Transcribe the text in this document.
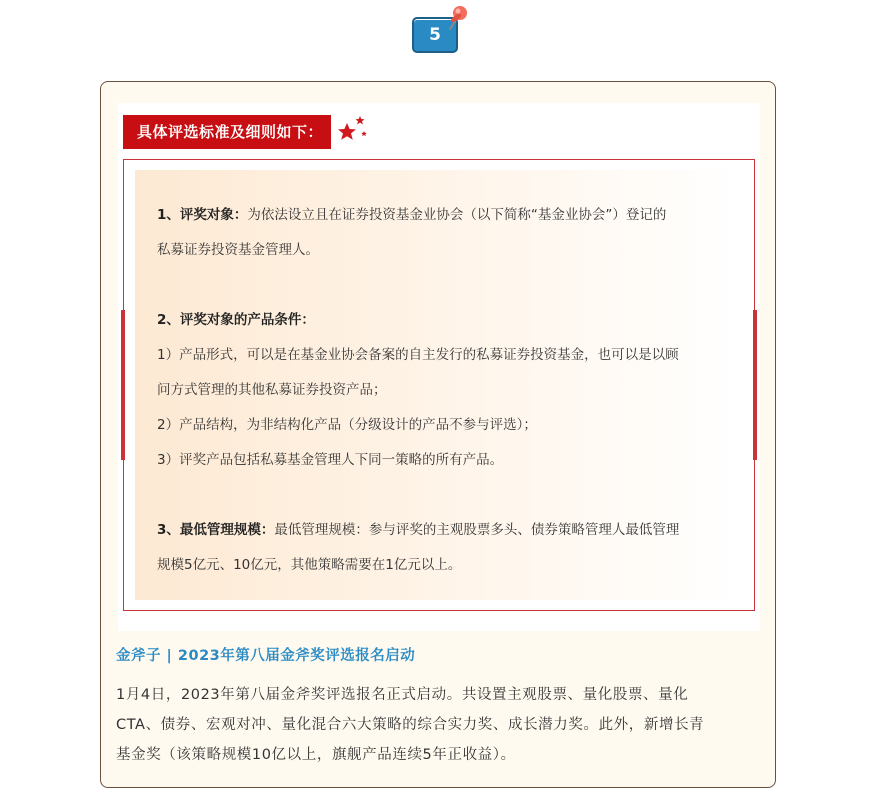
5
具体评选标准及细则如下：
1、评奖对象：为依法设立且在证券投资基金业协会（以下简称“基金业协会”）登记的
私募证券投资基金管理人。
2、评奖对象的产品条件：
1）产品形式，可以是在基金业协会备案的自主发行的私募证券投资基金，也可以是以顾
问方式管理的其他私募证券投资产品；
2）产品结构，为非结构化产品（分级设计的产品不参与评选）；
3）评奖产品包括私募基金管理人下同一策略的所有产品。
3、最低管理规模：最低管理规模：参与评奖的主观股票多头、债券策略管理人最低管理
规模5亿元、10亿元，其他策略需要在1亿元以上。
金斧子 | 2023年第八届金斧奖评选报名启动
1月4日，2023年第八届金斧奖评选报名正式启动。共设置主观股票、量化股票、量化
CTA、债券、宏观对冲、量化混合六大策略的综合实力奖、成长潜力奖。此外，新增长青
基金奖（该策略规模10亿以上，旗舰产品连续5年正收益）。
